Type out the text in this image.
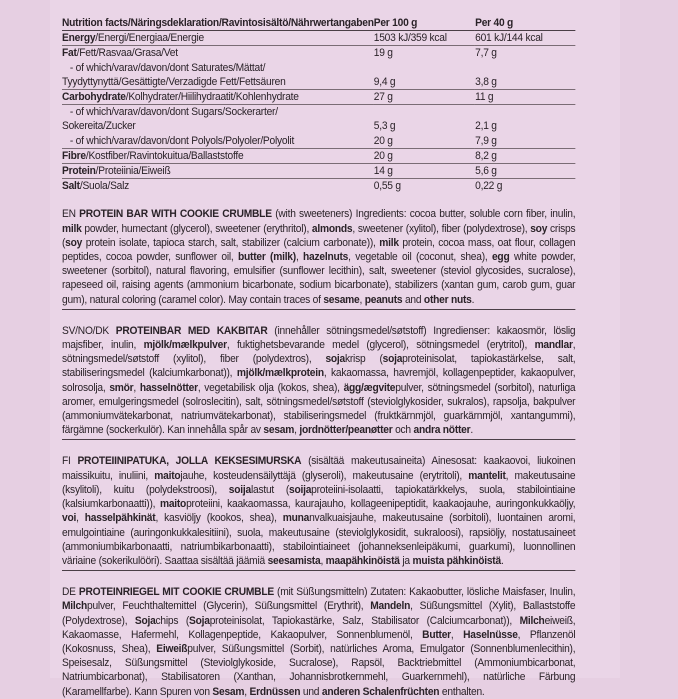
Nutrition facts/Näringsdeklaration/Ravintosisältö/Nährwertangaben	Per 100 g	Per 40 g
Energy/Energi/Energiaa/Energie	1503 kJ/359 kcal	601 kJ/144 kcal
Fat/Fett/Rasvaa/Grasa/Vet	19 g	7,7 g
- of which/varav/davon/dont Saturates/Mättat/		
Tyydyttynyttä/Gesättigte/Verzadigde Fett/Fettsäuren	9,4 g	3,8 g
Carbohydrate/Kolhydrater/Hiilihydraatit/Kohlenhydrate	27 g	11 g
- of which/varav/davon/dont Sugars/Sockerarter/		
Sokereita/Zucker	5,3 g	2,1 g
- of which/varav/davon/dont Polyols/Polyoler/Polyolit	20 g	7,9 g
Fibre/Kostfiber/Ravintokuitua/Ballaststoffe	20 g	8,2 g
Protein/Proteiinia/Eiweiß	14 g	5,6 g
Salt/Suola/Salz	0,55 g	0,22 g

EN PROTEIN BAR WITH COOKIE CRUMBLE (with sweeteners) Ingredients: cocoa butter, soluble corn fiber, inulin, milk powder, humectant (glycerol), sweetener (erythritol), almonds, sweetener (xylitol), fiber (polydextrose), soy crisps (soy protein isolate, tapioca starch, salt, stabilizer (calcium carbonate)), milk protein, cocoa mass, oat flour, collagen peptides, cocoa powder, sunflower oil, butter (milk), hazelnuts, vegetable oil (coconut, shea), egg white powder, sweetener (sorbitol), natural flavoring, emulsifier (sunflower lecithin), salt, sweetener (steviol glycosides, sucralose), rapeseed oil, raising agents (ammonium bicarbonate, sodium bicarbonate), stabilizers (xantan gum, carob gum, guar gum), natural coloring (caramel color). May contain traces of sesame, peanuts and other nuts.

SV/NO/DK PROTEINBAR MED KAKBITAR (innehåller sötningsmedel/søtstoff) Ingredienser: kakaosmör, löslig majsfiber, inulin, mjölk/mælkpulver, fuktighetsbevarande medel (glycerol), sötningsmedel (erytritol), mandlar, sötningsmedel/søtstoff (xylitol), fiber (polydextros), sojakrisp (sojaproteinisolat, tapiokastärkelse, salt, stabiliseringsmedel (kalciumkarbonat)), mjölk/mælkprotein, kakaomassa, havremjöl, kollagenpeptider, kakaopulver, solrosolja, smör, hasselnötter, vegetabilisk olja (kokos, shea), ägg/ægvitepulver, sötningsmedel (sorbitol), naturliga aromer, emulgeringsmedel (solroslecitin), salt, sötningsmedel/søtstoff (steviolglykosider, sukralos), rapsolja, bakpulver (ammoniumvätekarbonat, natriumvätekarbonat), stabiliseringsmedel (fruktkärnmjöl, guarkärnmjöl, xantangummi), färgämne (sockerkulör). Kan innehålla spår av sesam, jordnötter/peanøtter och andra nötter.

FI PROTEIINIPATUKA, JOLLA KEKSESIMURSKA (sisältää makeutusaineita) Ainesosat: kaakaovoi, liukoinen maissikuitu, inuliini, maitojauhe, kosteudensäilyttäjä (glyseroli), makeutusaine (erytritoli), mantelit, makeutusaine (ksylitoli), kuitu (polydekstroosi), soijalastut (soijaproteiini-isolaatti, tapiokatärkkelys, suola, stabilointiaine (kalsiumkarbonaatti)), maitoproteiini, kaakaomassa, kaurajauho, kollageenipeptidit, kaakaojauhe, auringonkukkaöljy, voi, hasselpähkinät, kasviöljy (kookos, shea), munanvalkuaisjauhe, makeutusaine (sorbitoli), luontainen aromi, emulgointiaine (auringonkukkalesitiini), suola, makeutusaine (steviolglykosidit, sukraloosi), rapsiöljy, nostatusaineet (ammoniumbikarbonaatti, natriumbikarbonaatti), stabilointiaineet (johanneksenleipäkumi, guarkumi), luonnollinen väriaine (sokerikulööri). Saattaa sisältää jäämiä seesamista, maapähkinöistä ja muista pähkinöistä.

DE PROTEINRIEGEL MIT COOKIE CRUMBLE (mit Süßungsmitteln) Zutaten: Kakaobutter, lösliche Maisfaser, Inulin, Milchpulver, Feuchthaltemittel (Glycerin), Süßungsmittel (Erythrit), Mandeln, Süßungsmittel (Xylit), Ballaststoffe (Polydextrose), Sojachips (Sojaproteinisolat, Tapiokastärke, Salz, Stabilisator (Calciumcarbonat)), Milcheiweiß, Kakaomasse, Hafermehl, Kollagenpeptide, Kakaopulver, Sonnenblumenöl, Butter, Haselnüsse, Pflanzenöl (Kokosnuss, Shea), Eiweißpulver, Süßungsmittel (Sorbit), natürliches Aroma, Emulgator (Sonnenblumenlecithin), Speisesalz, Süßungsmittel (Steviolglykoside, Sucralose), Rapsöl, Backtriebmittel (Ammoniumbicarbonat, Natriumbicarbonat), Stabilisatoren (Xanthan, Johannisbrotkernmehl, Guarkernmehl), natürliche Färbung (Karamellfarbe). Kann Spuren von Sesam, Erdnüssen und anderen Schalenfrüchten enthalten.
